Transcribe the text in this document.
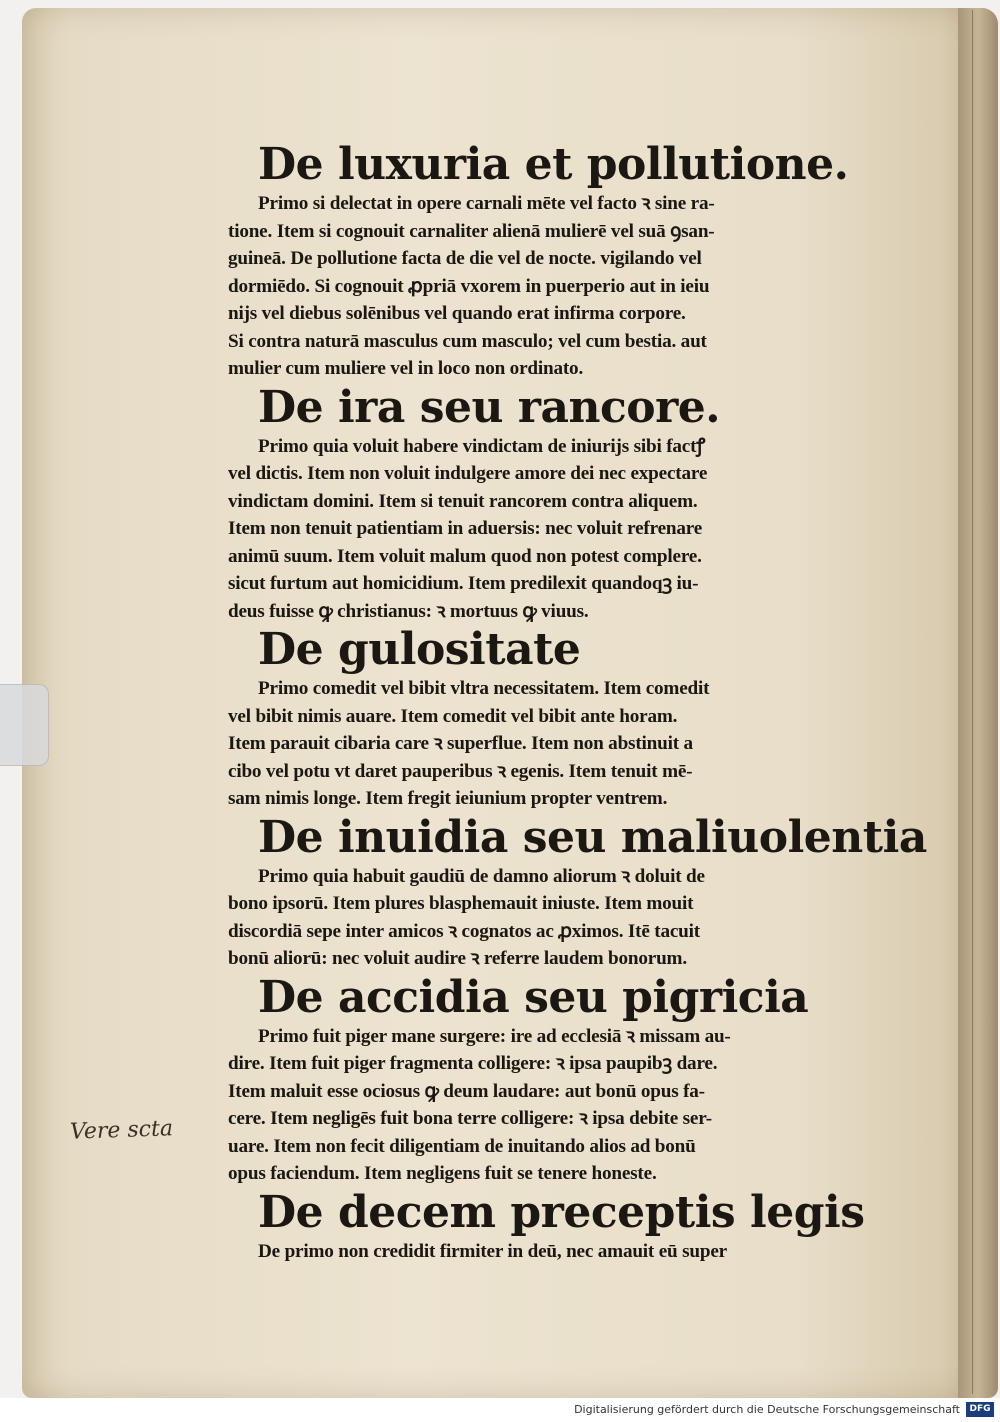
De luxuria et pollutione.

Primo si delectat in opere carnali mēte vel facto ꝛ sine ra-
tione. Item si cognouit carnaliter alienā mulierē vel suā ꝯsan-
guineā. De pollutione facta de die vel de nocte. vigilando vel
dormiēdo. Si cognouit ꝓpriā vxorem in puerperio aut in ieiu
nijs vel diebus solēnibus vel quando erat infirma corpore.
Si contra naturā masculus cum masculo; vel cum bestia. aut
mulier cum muliere vel in loco non ordinato.

De ira seu rancore.

Primo quia voluit habere vindictam de iniurijs sibi factꝭ
vel dictis. Item non voluit indulgere amore dei nec expectare
vindictam domini. Item si tenuit rancorem contra aliquem.
Item non tenuit patientiam in aduersis: nec voluit refrenare
animū suum. Item voluit malum quod non potest complere.
sicut furtum aut homicidium. Item predilexit quandoqꝫ iu-
deus fuisse ꝙ christianus: ꝛ mortuus ꝙ viuus.

De gulositate

Primo comedit vel bibit vltra necessitatem. Item comedit
vel bibit nimis auare. Item comedit vel bibit ante horam.
Item parauit cibaria care ꝛ superflue. Item non abstinuit a
cibo vel potu vt daret pauperibus ꝛ egenis. Item tenuit mē-
sam nimis longe. Item fregit ieiunium propter ventrem.

De inuidia seu maliuolentia

Primo quia habuit gaudiū de damno aliorum ꝛ doluit de
bono ipsorū. Item plures blasphemauit iniuste. Item mouit
discordiā sepe inter amicos ꝛ cognatos ac ꝓximos. Itē tacuit
bonū aliorū: nec voluit audire ꝛ referre laudem bonorum.

De accidia seu pigricia

Primo fuit piger mane surgere: ire ad ecclesiā ꝛ missam au-
dire. Item fuit piger fragmenta colligere: ꝛ ipsa paupibꝫ dare.
Item maluit esse ociosus ꝙ deum laudare: aut bonū opus fa-
cere. Item negligēs fuit bona terre colligere: ꝛ ipsa debite ser-
uare. Item non fecit diligentiam de inuitando alios ad bonū
opus faciendum. Item negligens fuit se tenere honeste.

De decem preceptis legis

De primo non credidit firmiter in deū, nec amauit eū super

Vere scta
Digitalisierung gefördert durch die Deutsche Forschungsgemeinschaft	DFG
